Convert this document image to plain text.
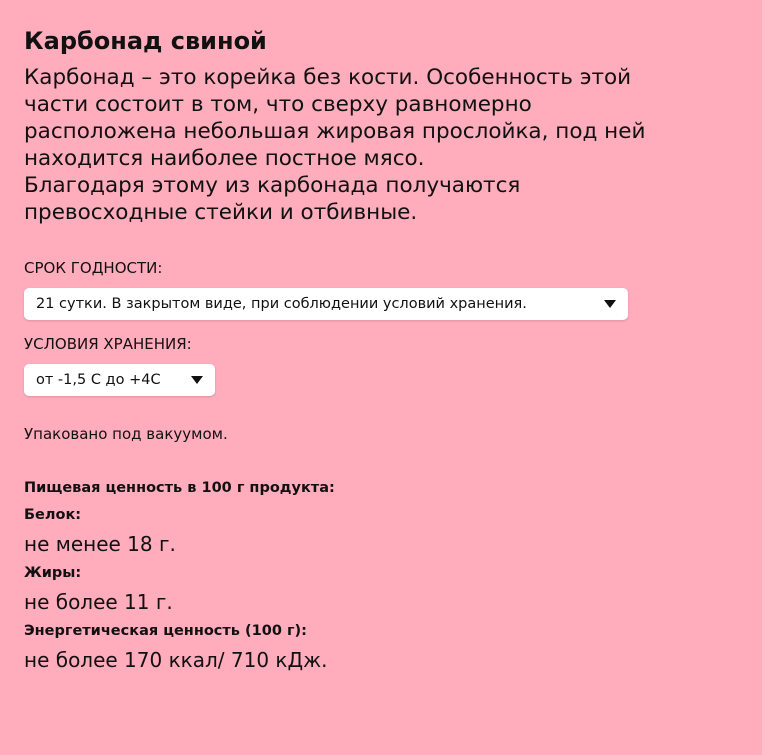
Карбонад свиной

Карбонад – это корейка без кости. Особенность этой

части состоит в том, что сверху равномерно

расположена небольшая жировая прослойка, под ней

находится наиболее постное мясо.

Благодаря этому из карбонада получаются

превосходные стейки и отбивные.

СРОК ГОДНОСТИ:

21 сутки. В закрытом виде, при соблюдении условий хранения.

УСЛОВИЯ ХРАНЕНИЯ:

от -1,5 С до +4С
Упаковано под вакуумом.

Пищевая ценность в 100 г продукта:

Белок:

не менее 18 г.

Жиры:

не более 11 г.

Энергетическая ценность (100 г):

не более 170 ккал/ 710 кДж.
